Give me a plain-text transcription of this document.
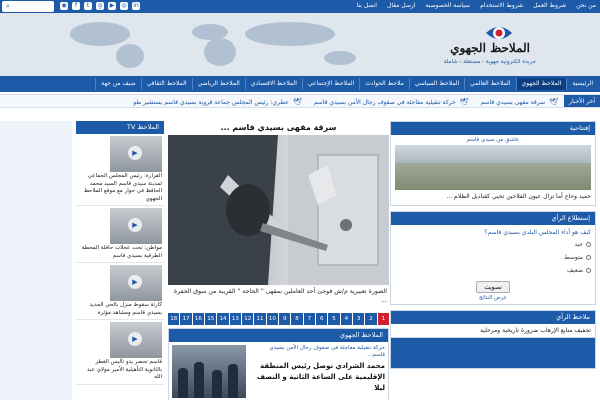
من نحن
شروط العمل
شروط الاستخدام
سياسة الخصوصية
ارسل مقال
اتصل بنا
◉	f	t	g	▶ ◎ in
⌕
الملاحظ الجهوي
جريدة الكترونية جهوية - مستقلة - شاملة
الرئيسية
الملاحظ الجهوي
الملاحظ العالمي
الملاحظ السياسي
ملاحظ الحوادث
الملاحظ الإجتماعي
الملاحظ الاقتصادي
الملاحظ الرياضي
الملاحظ الثقافي
ضيف من جهة
آخر الأخبار
🕊سرقة مقهى بسيدي قاسم
🕊حركة تنقيلية مفاجئة في صفوف رجال الأمن بسيدي قاسم
🕊عطري: رئيس المجلس جماعة قروية بسيدي قاسم يستشير طو
إفتتاحية
عاشق من سيدي قاسم
حميد وحاج أما تزال عيون الفلاحين تحيي كقناديل الظلام ...
إستطلاع الرأي
كيف هو أداء المجلس البلدي بسيدي قاسم؟
جيد
متوسط
ضعيف
تصويت
عرض النتائج
ملاحظ الرأي
تجفيف منابع الإرهاب ضرورة تاريخية ومرحلية
سرقة مقهى بسيدي قاسم ...
الصورة تعبيرية م/ش فوجئ أحد العاملين بمقهى " الحاجة " القريبة من سوق الحفرة ...
1
2
3
4
5
6
7
8
9
10
11
12
13
14
15
16
17
18
الملاحظ الجهوي
حركة تنقيلية مفاجئة في صفوف رجال الأمن بسيدي قاسم...
محمد الشرادي نوصل رئيس المنطقة الإقليمية على الساعة الثانية و النصف ليلا
الملاحظ TV
▶
القرارة: رئيس المجلس الجماعي لمدينة سيدي قاسم السيد محمد الحافظ في حوار مع موقع الملاحظ الجهوي
▶
مواطن: تحت عجلات حافلة المحطة الطرقية بسيدي قاسم
▶
كارثة سقوط منزل بالحي الجديد بسيدي قاسم ومشاهد مؤثرة
▶
قاسم تحضر يدو تأليس الغطر بالثانوية التأهيلية الأمير مولاي عبد الله
